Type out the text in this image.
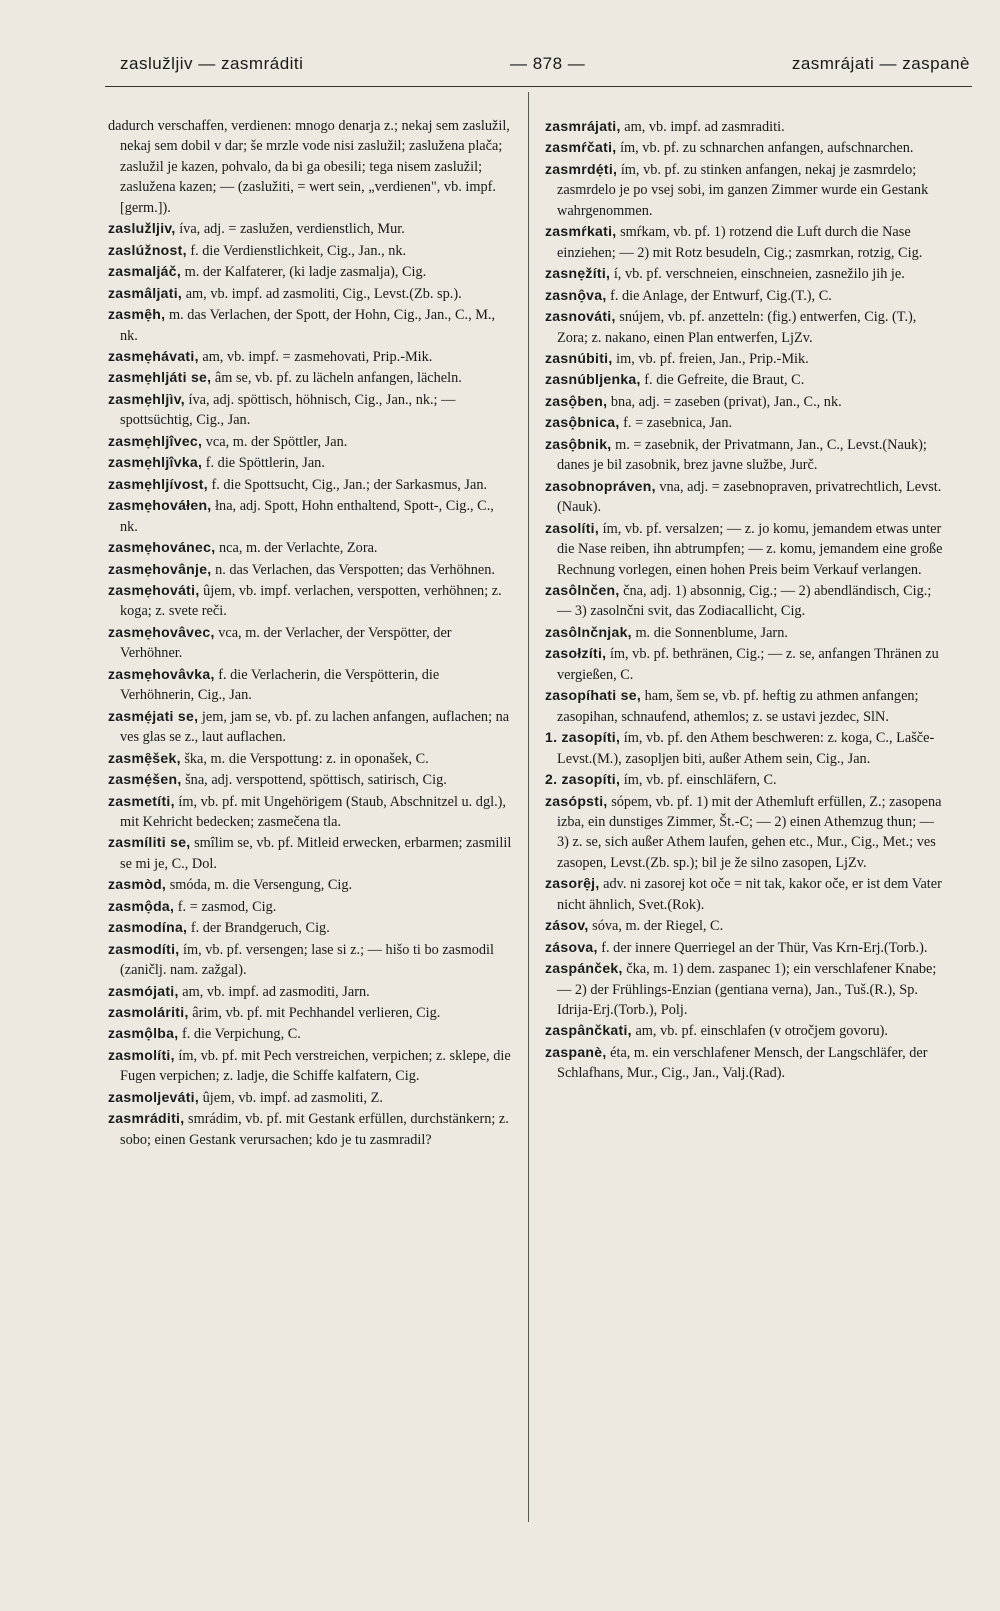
zaslužljiv — zasmráditi	— 878 —	zasmrájati — zaspanè

dadurch verschaffen, verdienen: mnogo denarja z.; nekaj sem zaslužil, nekaj sem dobil v dar; še mrzle vode nisi zaslužil; zaslužena plača; zaslužil je kazen, pohvalo, da bi ga obesili; tega nisem zaslužil; zaslužena kazen; — (zaslužiti, = wert sein, „verdienen", vb. impf. [germ.]).

zaslužljiv, íva, adj. = zaslužen, verdienstlich, Mur.

zaslúžnost, f. die Verdienstlichkeit, Cig., Jan., nk.

zasmaljáč, m. der Kalfaterer, (ki ladje zasmalja), Cig.

zasmâljati, am, vb. impf. ad zasmoliti, Cig., Levst.(Zb. sp.).

zasmẹ̑h, m. das Verlachen, der Spott, der Hohn, Cig., Jan., C., M., nk.

zasmẹhávati, am, vb. impf. = zasmehovati, Prip.-Mik.

zasmẹhljáti se, âm se, vb. pf. zu lächeln anfangen, lächeln.

zasmẹhljìv, íva, adj. spöttisch, höhnisch, Cig., Jan., nk.; — spottsüchtig, Cig., Jan.

zasmẹhljîvec, vca, m. der Spöttler, Jan.

zasmẹhljîvka, f. die Spöttlerin, Jan.

zasmẹhljívost, f. die Spottsucht, Cig., Jan.; der Sarkasmus, Jan.

zasmẹhováłen, łna, adj. Spott, Hohn enthaltend, Spott-, Cig., C., nk.

zasmẹhovánec, nca, m. der Verlachte, Zora.

zasmẹhovânje, n. das Verlachen, das Verspotten; das Verhöhnen.

zasmẹhováti, ûjem, vb. impf. verlachen, verspotten, verhöhnen; z. koga; z. svete reči.

zasmẹhovâvec, vca, m. der Verlacher, der Verspötter, der Verhöhner.

zasmẹhovâvka, f. die Verlacherin, die Verspötterin, die Verhöhnerin, Cig., Jan.

zasmẹ́jati se, jem, jam se, vb. pf. zu lachen anfangen, auflachen; na ves glas se z., laut auflachen.

zasmẹ̑šek, ška, m. die Verspottung: z. in oponašek, C.

zasmẹ́šen, šna, adj. verspottend, spöttisch, satirisch, Cig.

zasmetíti, ím, vb. pf. mit Ungehörigem (Staub, Abschnitzel u. dgl.), mit Kehricht bedecken; zasmečena tla.

zasmíliti se, smîlim se, vb. pf. Mitleid erwecken, erbarmen; zasmilil se mi je, C., Dol.

zasmòd, smóda, m. die Versengung, Cig.

zasmộda, f. = zasmod, Cig.

zasmodína, f. der Brandgeruch, Cig.

zasmodíti, ím, vb. pf. versengen; lase si z.; — hišo ti bo zasmodil (zaničlj. nam. zažgal).

zasmójati, am, vb. impf. ad zasmoditi, Jarn.

zasmoláriti, ârim, vb. pf. mit Pechhandel verlieren, Cig.

zasmộlba, f. die Verpichung, C.

zasmolíti, ím, vb. pf. mit Pech verstreichen, verpichen; z. sklepe, die Fugen verpichen; z. ladje, die Schiffe kalfatern, Cig.

zasmoljeváti, ûjem, vb. impf. ad zasmoliti, Z.

zasmráditi, smrádim, vb. pf. mit Gestank erfüllen, durchstänkern; z. sobo; einen Gestank verursachen; kdo je tu zasmradil?

zasmrájati, am, vb. impf. ad zasmraditi.

zasmŕčati, ím, vb. pf. zu schnarchen anfangen, aufschnarchen.

zasmrdẹ́ti, ím, vb. pf. zu stinken anfangen, nekaj je zasmrdelo; zasmrdelo je po vsej sobi, im ganzen Zimmer wurde ein Gestank wahrgenommen.

zasmŕkati, smŕkam, vb. pf. 1) rotzend die Luft durch die Nase einziehen; — 2) mit Rotz besudeln, Cig.; zasmrkan, rotzig, Cig.

zasnẹžíti, í, vb. pf. verschneien, einschneien, zasnežilo jih je.

zasnộva, f. die Anlage, der Entwurf, Cig.(T.), C.

zasnováti, snújem, vb. pf. anzetteln: (fig.) entwerfen, Cig. (T.), Zora; z. nakano, einen Plan entwerfen, LjZv.

zasnúbiti, im, vb. pf. freien, Jan., Prip.-Mik.

zasnúbljenka, f. die Gefreite, die Braut, C.

zasộben, bna, adj. = zaseben (privat), Jan., C., nk.

zasộbnica, f. = zasebnica, Jan.

zasộbnik, m. = zasebnik, der Privatmann, Jan., C., Levst.(Nauk); danes je bil zasobnik, brez javne službe, Jurč.

zasobnopráven, vna, adj. = zasebnopraven, privatrechtlich, Levst.(Nauk).

zasolíti, ím, vb. pf. versalzen; — z. jo komu, jemandem etwas unter die Nase reiben, ihn abtrumpfen; — z. komu, jemandem eine große Rechnung vorlegen, einen hohen Preis beim Verkauf verlangen.

zasôlnčen, čna, adj. 1) absonnig, Cig.; — 2) abendländisch, Cig.; — 3) zasolnčni svit, das Zodiacallicht, Cig.

zasôlnčnjak, m. die Sonnenblume, Jarn.

zasołzíti, ím, vb. pf. bethränen, Cig.; — z. se, anfangen Thränen zu vergießen, C.

zasopíhati se, ham, šem se, vb. pf. heftig zu athmen anfangen; zasopihan, schnaufend, athemlos; z. se ustavi jezdec, SlN.

1. zasopíti, ím, vb. pf. den Athem beschweren: z. koga, C., Lašče-Levst.(M.), zasopljen biti, außer Athem sein, Cig., Jan.

2. zasopíti, ím, vb. pf. einschläfern, C.

zasópsti, sópem, vb. pf. 1) mit der Athemluft erfüllen, Z.; zasopena izba, ein dunstiges Zimmer, Št.-C; — 2) einen Athemzug thun; — 3) z. se, sich außer Athem laufen, gehen etc., Mur., Cig., Met.; ves zasopen, Levst.(Zb. sp.); bil je že silno zasopen, LjZv.

zasorẹ̑j, adv. ni zasorej kot oče = nit tak, kakor oče, er ist dem Vater nicht ähnlich, Svet.(Rok).

zásov, sóva, m. der Riegel, C.

zásova, f. der innere Querriegel an der Thür, Vas Krn-Erj.(Torb.).

zaspánček, čka, m. 1) dem. zaspanec 1); ein verschlafener Knabe; — 2) der Frühlings-Enzian (gentiana verna), Jan., Tuš.(R.), Sp. Idrija-Erj.(Torb.), Polj.

zaspânčkati, am, vb. pf. einschlafen (v otročjem govoru).

zaspanè, éta, m. ein verschlafener Mensch, der Langschläfer, der Schlafhans, Mur., Cig., Jan., Valj.(Rad).
